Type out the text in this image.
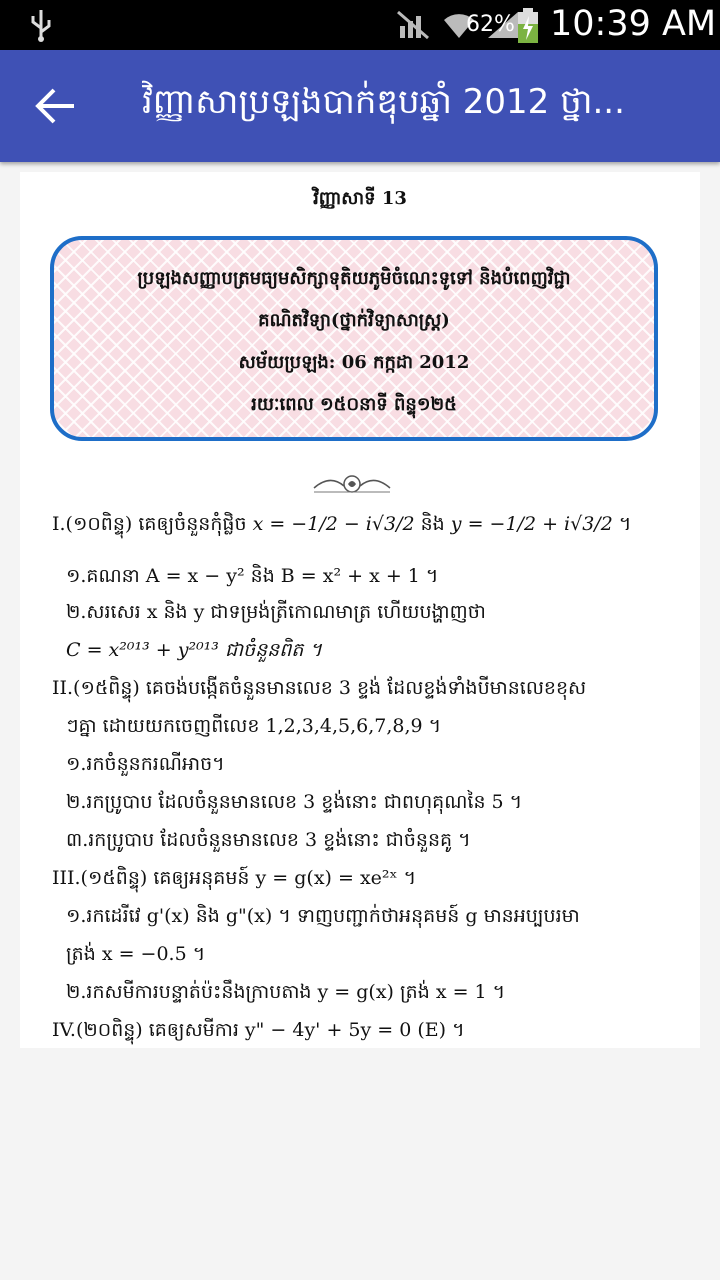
62% 10:39 AM
វិញ្ញាសាប្រឡងបាក់ឌុបឆ្នាំ 2012 ថ្នា...
វិញ្ញាសាទី 13
ប្រឡងសញ្ញាបត្រមធ្យមសិក្សាទុតិយភូមិចំណេះទូទៅ និងបំពេញវិជ្ជា
គណិតវិទ្យា(ថ្នាក់វិទ្យាសាស្ត្រ)
សម័យប្រឡង: 06 កក្កដា 2012
រយៈពេល ១៥០នាទី ពិន្ទុ១២៥
I.(១០ពិន្ទុ) គេឲ្យចំនួនកុំផ្លិច x = −1/2 − i√3/2 និង y = −1/2 + i√3/2 ។
១.គណនា A = x − y² និង B = x² + x + 1 ។
២.សរសេរ x និង y ជាទម្រង់ត្រីកោណមាត្រ ហើយបង្ហាញថា
C = x²⁰¹³ + y²⁰¹³ ជាចំនួនពិត ។
II.(១៥ពិន្ទុ) គេចង់បង្កើតចំនួនមានលេខ 3 ខ្ទង់ ដែលខ្ទង់ទាំងបីមានលេខខុស
ៗគ្នា ដោយយកចេញពីលេខ 1,2,3,4,5,6,7,8,9 ។
១.រកចំនួនករណីអាច។
២.រកប្រូបាប ដែលចំនួនមានលេខ 3 ខ្ទង់នោះ ជាពហុគុណនៃ 5 ។
៣.រកប្រូបាប ដែលចំនួនមានលេខ 3 ខ្ទង់នោះ ជាចំនួនគូ ។
III.(១៥ពិន្ទុ) គេឲ្យអនុគមន៍ y = g(x) = xe²ˣ ។
១.រកដេរីវេ g'(x) និង g"(x) ។ ទាញបញ្ជាក់ថាអនុគមន៍ g មានអប្បបរមា
ត្រង់ x = −0.5 ។
២.រកសមីការបន្ទាត់ប៉ះនឹងក្រាបតាង y = g(x) ត្រង់ x = 1 ។
IV.(២០ពិន្ទុ) គេឲ្យសមីការ y" − 4y' + 5y = 0 (E) ។
